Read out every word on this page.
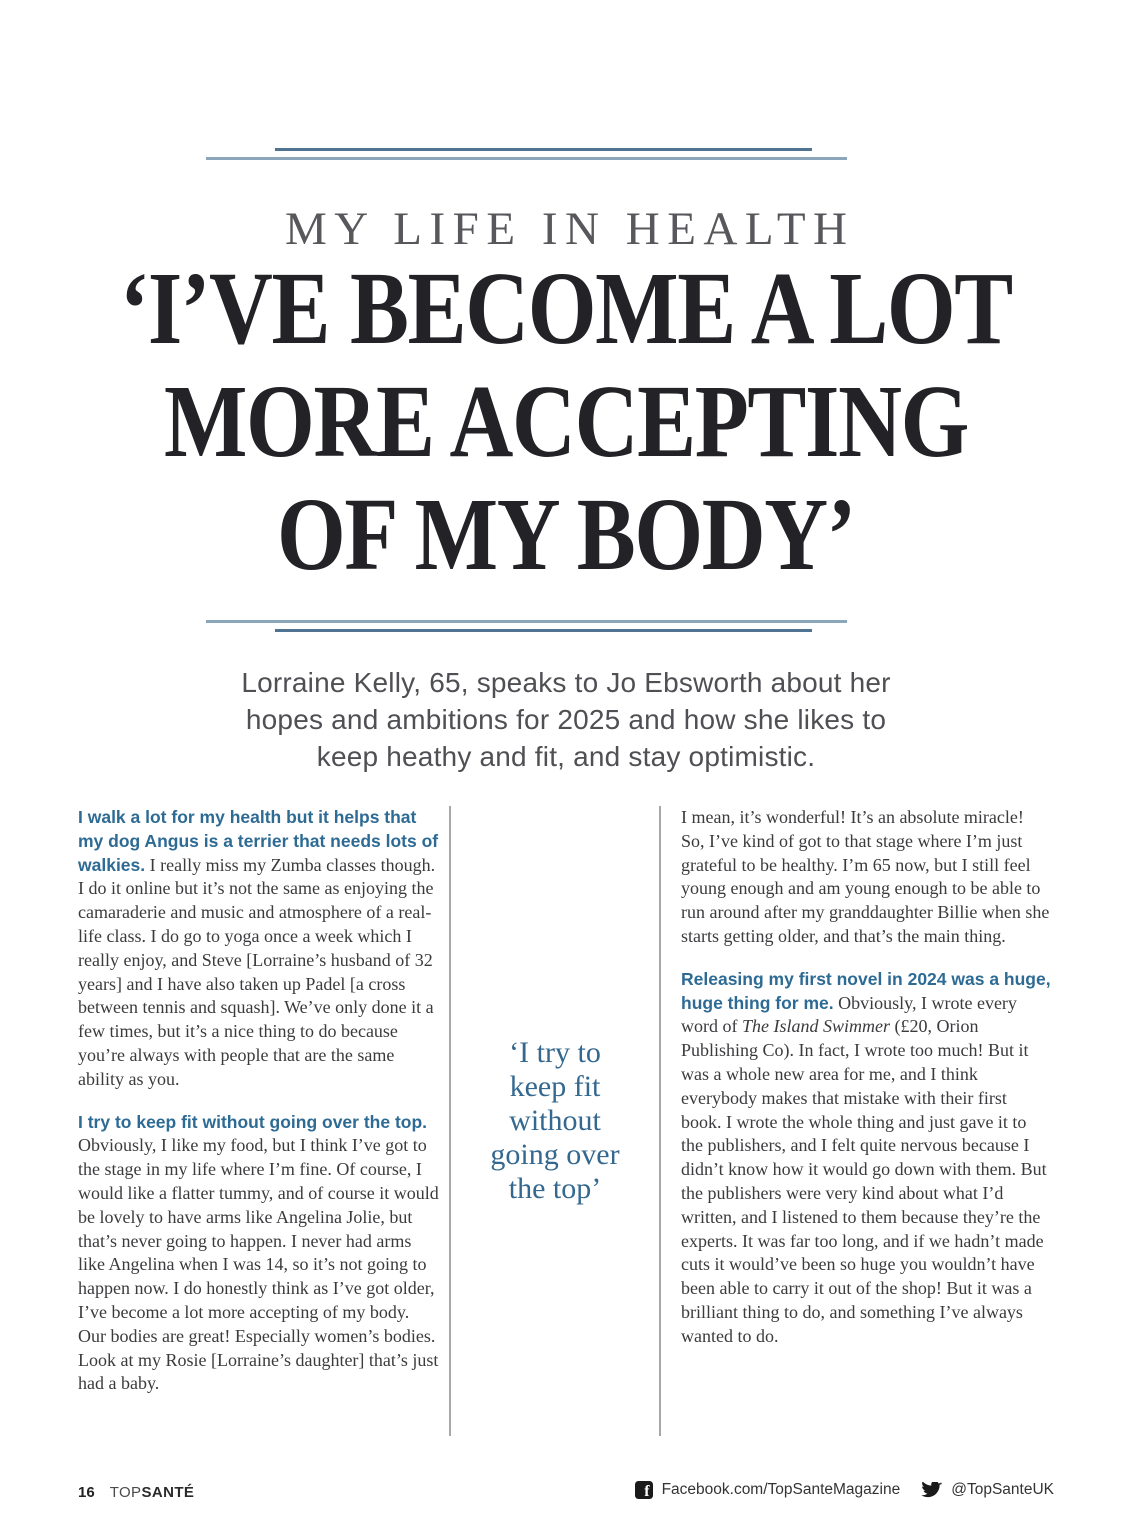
MY LIFE IN HEALTH
‘I’VE BECOME A LOT
MORE ACCEPTING
OF MY BODY’
Lorraine Kelly, 65, speaks to Jo Ebsworth about her
hopes and ambitions for 2025 and how she likes to
keep heathy and fit, and stay optimistic.

I walk a lot for my health but it helps that my dog Angus is a terrier that needs lots of walkies. I really miss my Zumba classes though. I do it online but it’s not the same as enjoying the camaraderie and music and atmosphere of a real-life class. I do go to yoga once a week which I really enjoy, and Steve [Lorraine’s husband of 32 years] and I have also taken up Padel [a cross between tennis and squash]. We’ve only done it a few times, but it’s a nice thing to do because you’re always with people that are the same ability as you.

I try to keep fit without going over the top. Obviously, I like my food, but I think I’ve got to the stage in my life where I’m fine. Of course, I would like a flatter tummy, and of course it would be lovely to have arms like Angelina Jolie, but that’s never going to happen. I never had arms like Angelina when I was 14, so it’s not going to happen now. I do honestly think as I’ve got older, I’ve become a lot more accepting of my body. Our bodies are great! Especially women’s bodies. Look at my Rosie [Lorraine’s daughter] that’s just had a baby.

‘I try to
keep fit
without
going over
the top’

I mean, it’s wonderful! It’s an absolute miracle! So, I’ve kind of got to that stage where I’m just grateful to be healthy. I’m 65 now, but I still feel young enough and am young enough to be able to run around after my granddaughter Billie when she starts getting older, and that’s the main thing.

Releasing my first novel in 2024 was a huge, huge thing for me. Obviously, I wrote every word of The Island Swimmer (£20, Orion Publishing Co). In fact, I wrote too much! But it was a whole new area for me, and I think everybody makes that mistake with their first book. I wrote the whole thing and just gave it to the publishers, and I felt quite nervous because I didn’t know how it would go down with them. But the publishers were very kind about what I’d written, and I listened to them because they’re the experts. It was far too long, and if we hadn’t made cuts it would’ve been so huge you wouldn’t have been able to carry it out of the shop! But it was a brilliant thing to do, and something I’ve always wanted to do.

16 TOPSANTÉ	f Facebook.com/TopSanteMagazine	@TopSanteUK
